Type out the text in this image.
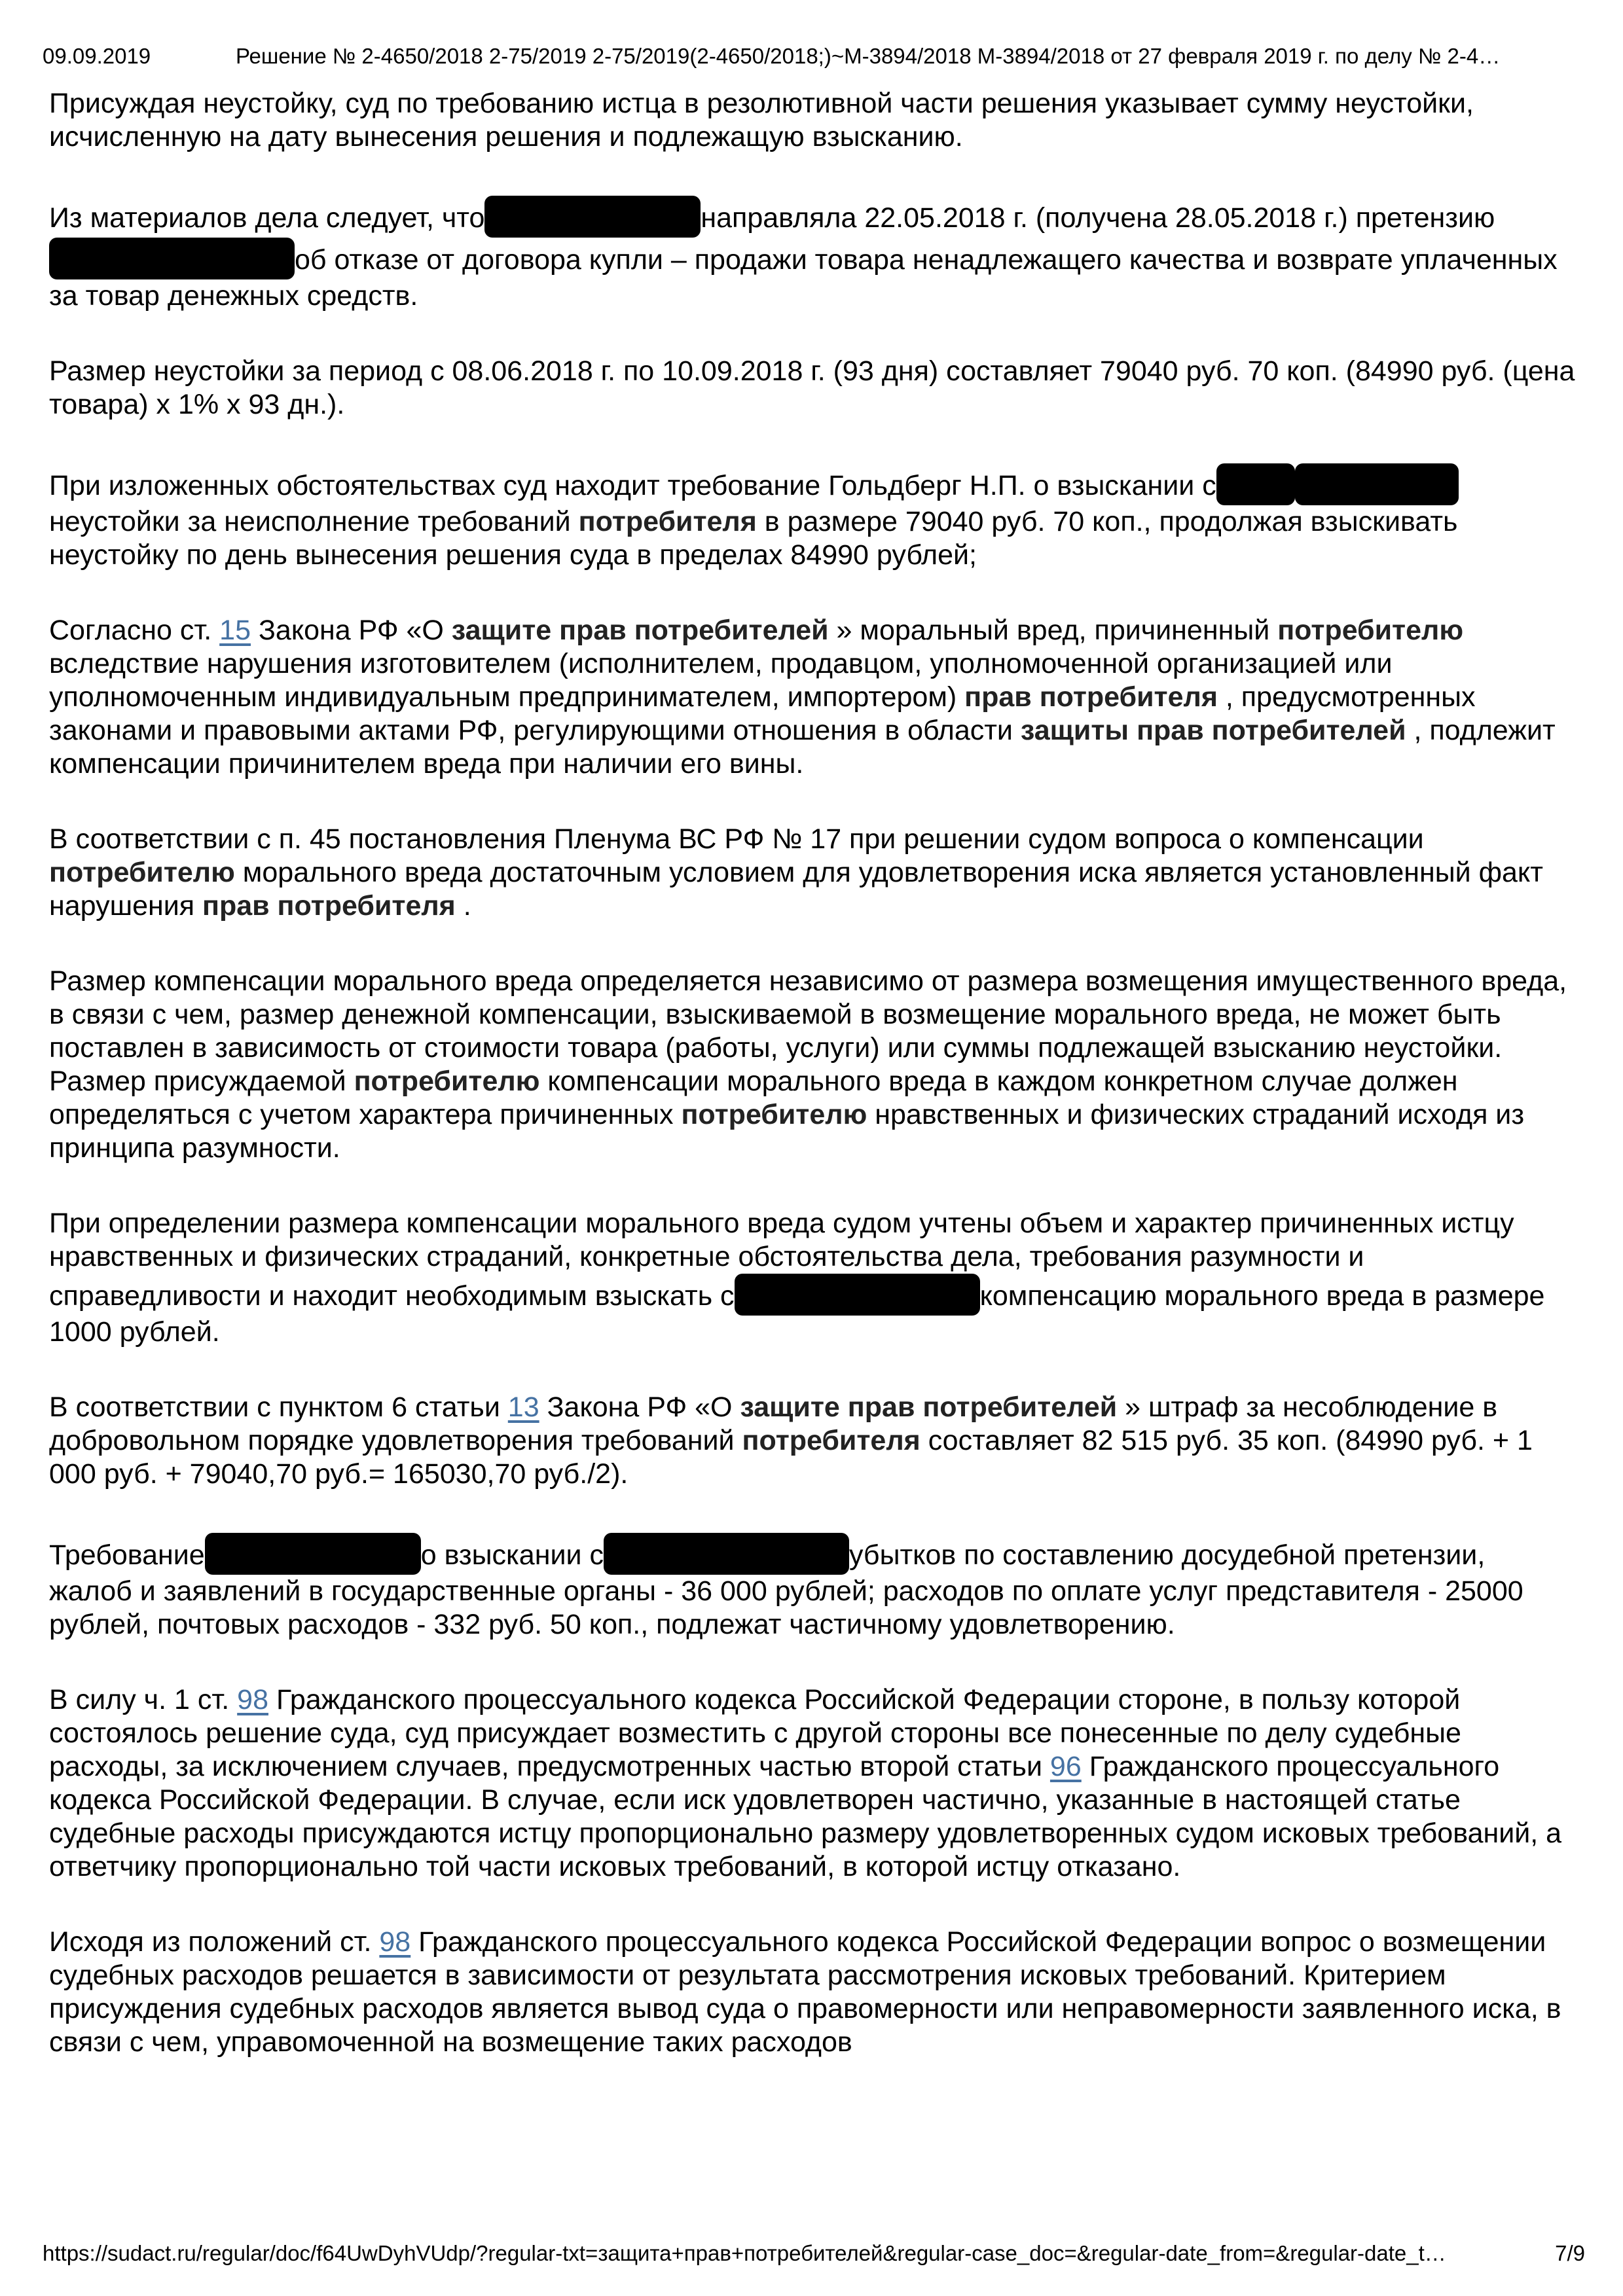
09.09.2019	Решение № 2-4650/2018 2-75/2019 2-75/2019(2-4650/2018;)~М-3894/2018 М-3894/2018 от 27 февраля 2019 г. по делу № 2-4…

Присуждая неустойку, суд по требованию истца в резолютивной части решения указывает сумму неустойки, исчисленную на дату вынесения решения и подлежащую взысканию.

Из материалов дела следует, что	направляла 22.05.2018 г. (получена 28.05.2018 г.) претензиюоб отказе от договора купли – продажи товара ненадлежащего качества и возврате уплаченных за товар денежных средств.

Размер неустойки за период с 08.06.2018 г. по 10.09.2018 г. (93 дня) составляет 79040 руб. 70 коп. (84990 руб. (цена товара) x 1% x 93 дн.).

При изложенных обстоятельствах суд находит требование Гольдберг Н.П. о взыскании снеустойки за неисполнение требований потребителя в размере 79040 руб. 70 коп., продолжая взыскивать неустойку по день вынесения решения суда в пределах 84990 рублей;

Согласно ст. 15 Закона РФ «О защите прав потребителей » моральный вред, причиненный потребителю вследствие нарушения изготовителем (исполнителем, продавцом, уполномоченной организацией или уполномоченным индивидуальным предпринимателем, импортером) прав потребителя , предусмотренных законами и правовыми актами РФ, регулирующими отношения в области защиты прав потребителей , подлежит компенсации причинителем вреда при наличии его вины.

В соответствии с п. 45 постановления Пленума ВС РФ № 17 при решении судом вопроса о компенсации потребителю морального вреда достаточным условием для удовлетворения иска является установленный факт нарушения прав потребителя .

Размер компенсации морального вреда определяется независимо от размера возмещения имущественного вреда, в связи с чем, размер денежной компенсации, взыскиваемой в возмещение морального вреда, не может быть поставлен в зависимость от стоимости товара (работы, услуги) или суммы подлежащей взысканию неустойки. Размер присуждаемой потребителю компенсации морального вреда в каждом конкретном случае должен определяться с учетом характера причиненных потребителю нравственных и физических страданий исходя из принципа разумности.

При определении размера компенсации морального вреда судом учтены объем и характер причиненных истцу нравственных и физических страданий, конкретные обстоятельства дела, требования разумности и справедливости и находит необходимым взыскать с	компенсацию морального вреда в размере 1000 рублей.

В соответствии с пунктом 6 статьи 13 Закона РФ «О защите прав потребителей » штраф за несоблюдение в добровольном порядке удовлетворения требований потребителя составляет 82 515 руб. 35 коп. (84990 руб. + 1 000 руб. + 79040,70 руб.= 165030,70 руб./2).

Требование	о взыскании с	убытков по составлению досудебной претензии, жалоб и заявлений в государственные органы - 36 000 рублей; расходов по оплате услуг представителя - 25000 рублей, почтовых расходов - 332 руб. 50 коп., подлежат частичному удовлетворению.

В силу ч. 1 ст. 98 Гражданского процессуального кодекса Российской Федерации стороне, в пользу которой состоялось решение суда, суд присуждает возместить с другой стороны все понесенные по делу судебные расходы, за исключением случаев, предусмотренных частью второй статьи 96 Гражданского процессуального кодекса Российской Федерации. В случае, если иск удовлетворен частично, указанные в настоящей статье судебные расходы присуждаются истцу пропорционально размеру удовлетворенных судом исковых требований, а ответчику пропорционально той части исковых требований, в которой истцу отказано.

Исходя из положений ст. 98 Гражданского процессуального кодекса Российской Федерации вопрос о возмещении судебных расходов решается в зависимости от результата рассмотрения исковых требований. Критерием присуждения судебных расходов является вывод суда о правомерности или неправомерности заявленного иска, в связи с чем, управомоченной на возмещение таких расходов

https://sudact.ru/regular/doc/f64UwDyhVUdp/?regular-txt=защита+прав+потребителей&regular-case_doc=&regular-date_from=&regular-date_t…	7/9
